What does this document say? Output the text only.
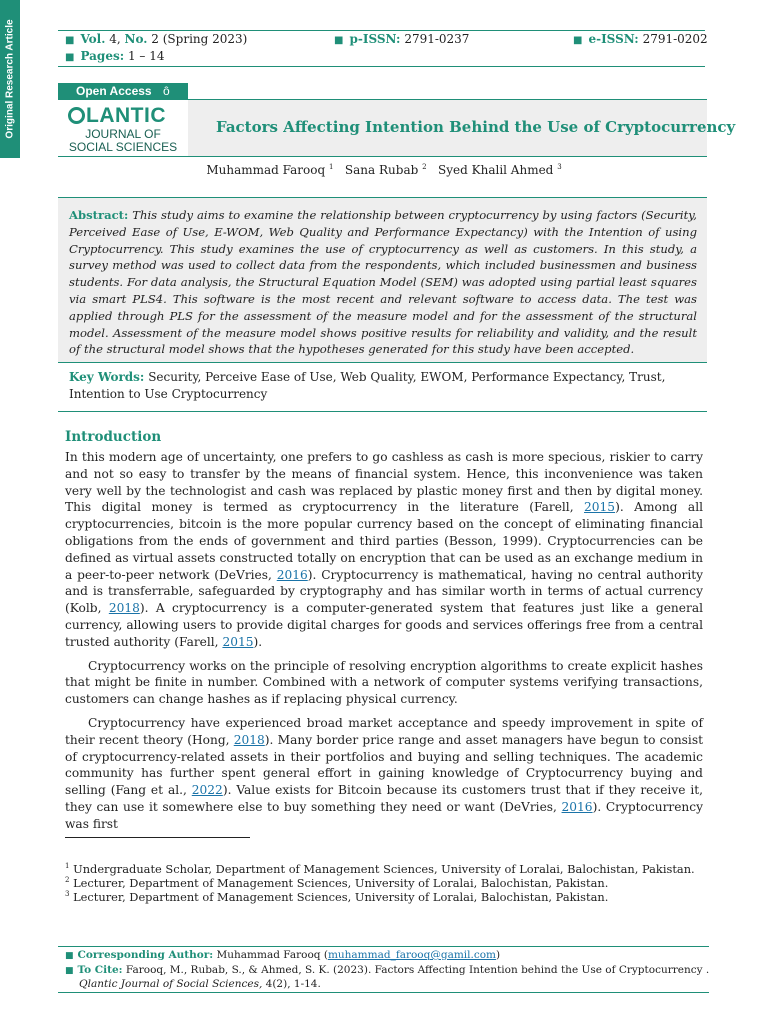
Original Research Article	■ Vol. 4, No. 2 (Spring 2023)	■ p-ISSN: 2791-0237	■ e-ISSN: 2791-0202
■ Pages: 1 – 14
Open Access ô
LANTIC
JOURNAL OF
SOCIAL SCIENCES
Factors Affecting Intention Behind the Use of Cryptocurrency
Muhammad Farooq $^1$ Sana Rubab $^2$ Syed Khalil Ahmed $^3$

Abstract: This study aims to examine the relationship between cryptocurrency by using factors (Security, Perceived Ease of Use, E-WOM, Web Quality and Performance Expectancy) with the Intention of using Cryptocurrency. This study examines the use of cryptocurrency as well as customers. In this study, a survey method was used to collect data from the respondents, which included businessmen and business students. For data analysis, the Structural Equation Model (SEM) was adopted using partial least squares via smart PLS4. This software is the most recent and relevant software to access data. The test was applied through PLS for the assessment of the measure model and for the assessment of the structural model. Assessment of the measure model shows positive results for reliability and validity, and the result of the structural model shows that the hypotheses generated for this study have been accepted.

Key Words: Security, Perceive Ease of Use, Web Quality, EWOM, Performance Expectancy, Trust, Intention to Use Cryptocurrency
Introduction

In this modern age of uncertainty, one prefers to go cashless as cash is more specious, riskier to carry and not so easy to transfer by the means of financial system. Hence, this inconvenience was taken very well by the technologist and cash was replaced by plastic money first and then by digital money. This digital money is termed as cryptocurrency in the literature (Farell, 2015). Among all cryptocurrencies, bitcoin is the more popular currency based on the concept of eliminating financial obligations from the ends of government and third parties (Besson, 1999). Cryptocurrencies can be defined as virtual assets constructed totally on encryption that can be used as an exchange medium in a peer-to-peer network (DeVries, 2016). Cryptocurrency is mathematical, having no central authority and is transferrable, safeguarded by cryptography and has similar worth in terms of actual currency (Kolb, 2018). A cryptocurrency is a computer-generated system that features just like a general currency, allowing users to provide digital charges for goods and services offerings free from a central trusted authority (Farell, 2015).

Cryptocurrency works on the principle of resolving encryption algorithms to create explicit hashes that might be finite in number. Combined with a network of computer systems verifying transactions, customers can change hashes as if replacing physical currency.

Cryptocurrency have experienced broad market acceptance and speedy improvement in spite of their recent theory (Hong, 2018). Many border price range and asset managers have begun to consist of cryptocurrency-related assets in their portfolios and buying and selling techniques. The academic community has further spent general effort in gaining knowledge of Cryptocurrency buying and selling (Fang et al., 2022). Value exists for Bitcoin because its customers trust that if they receive it, they can use it somewhere else to buy something they need or want (DeVries, 2016). Cryptocurrency was first

$^1$ Undergraduate Scholar, Department of Management Sciences, University of Loralai, Balochistan, Pakistan.
$^2$ Lecturer, Department of Management Sciences, University of Loralai, Balochistan, Pakistan.
$^3$ Lecturer, Department of Management Sciences, University of Loralai, Balochistan, Pakistan.
■ Corresponding Author: Muhammad Farooq (muhammad_farooq@gamil.com)
■ To Cite: Farooq, M., Rubab, S., & Ahmed, S. K. (2023). Factors Affecting Intention behind the Use of Cryptocurrency .
Qlantic Journal of Social Sciences, 4(2), 1-14.
